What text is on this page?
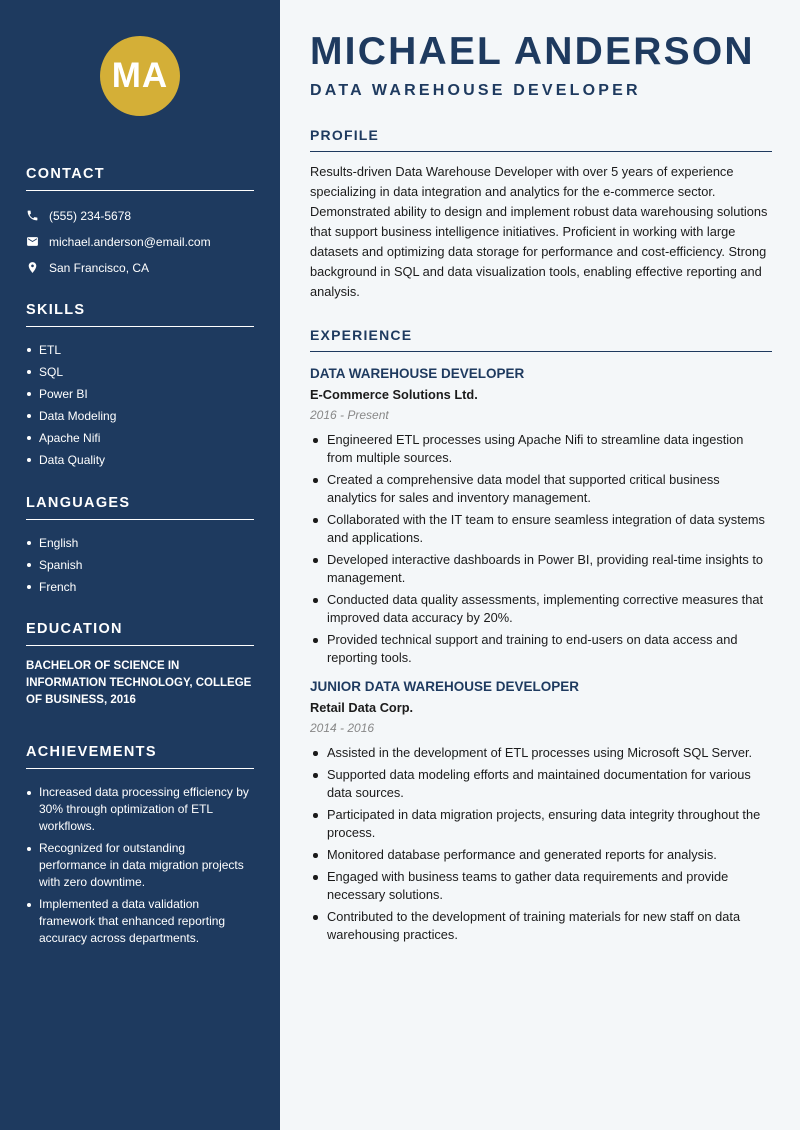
MA
CONTACT
(555) 234-5678
michael.anderson@email.com
San Francisco, CA
SKILLS
ETL
SQL
Power BI
Data Modeling
Apache Nifi
Data Quality
LANGUAGES
English
Spanish
French
EDUCATION
BACHELOR OF SCIENCE IN INFORMATION TECHNOLOGY, COLLEGE OF BUSINESS, 2016
ACHIEVEMENTS
Increased data processing efficiency by 30% through optimization of ETL workflows.
Recognized for outstanding performance in data migration projects with zero downtime.
Implemented a data validation framework that enhanced reporting accuracy across departments.
MICHAEL ANDERSON
DATA WAREHOUSE DEVELOPER
PROFILE

Results-driven Data Warehouse Developer with over 5 years of experience specializing in data integration and analytics for the e-commerce sector. Demonstrated ability to design and implement robust data warehousing solutions that support business intelligence initiatives. Proficient in working with large datasets and optimizing data storage for performance and cost-efficiency. Strong background in SQL and data visualization tools, enabling effective reporting and analysis.

EXPERIENCE
DATA WAREHOUSE DEVELOPER
E-Commerce Solutions Ltd.
2016 - Present
Engineered ETL processes using Apache Nifi to streamline data ingestion from multiple sources.
Created a comprehensive data model that supported critical business analytics for sales and inventory management.
Collaborated with the IT team to ensure seamless integration of data systems and applications.
Developed interactive dashboards in Power BI, providing real-time insights to management.
Conducted data quality assessments, implementing corrective measures that improved data accuracy by 20%.
Provided technical support and training to end-users on data access and reporting tools.
JUNIOR DATA WAREHOUSE DEVELOPER
Retail Data Corp.
2014 - 2016
Assisted in the development of ETL processes using Microsoft SQL Server.
Supported data modeling efforts and maintained documentation for various data sources.
Participated in data migration projects, ensuring data integrity throughout the process.
Monitored database performance and generated reports for analysis.
Engaged with business teams to gather data requirements and provide necessary solutions.
Contributed to the development of training materials for new staff on data warehousing practices.
